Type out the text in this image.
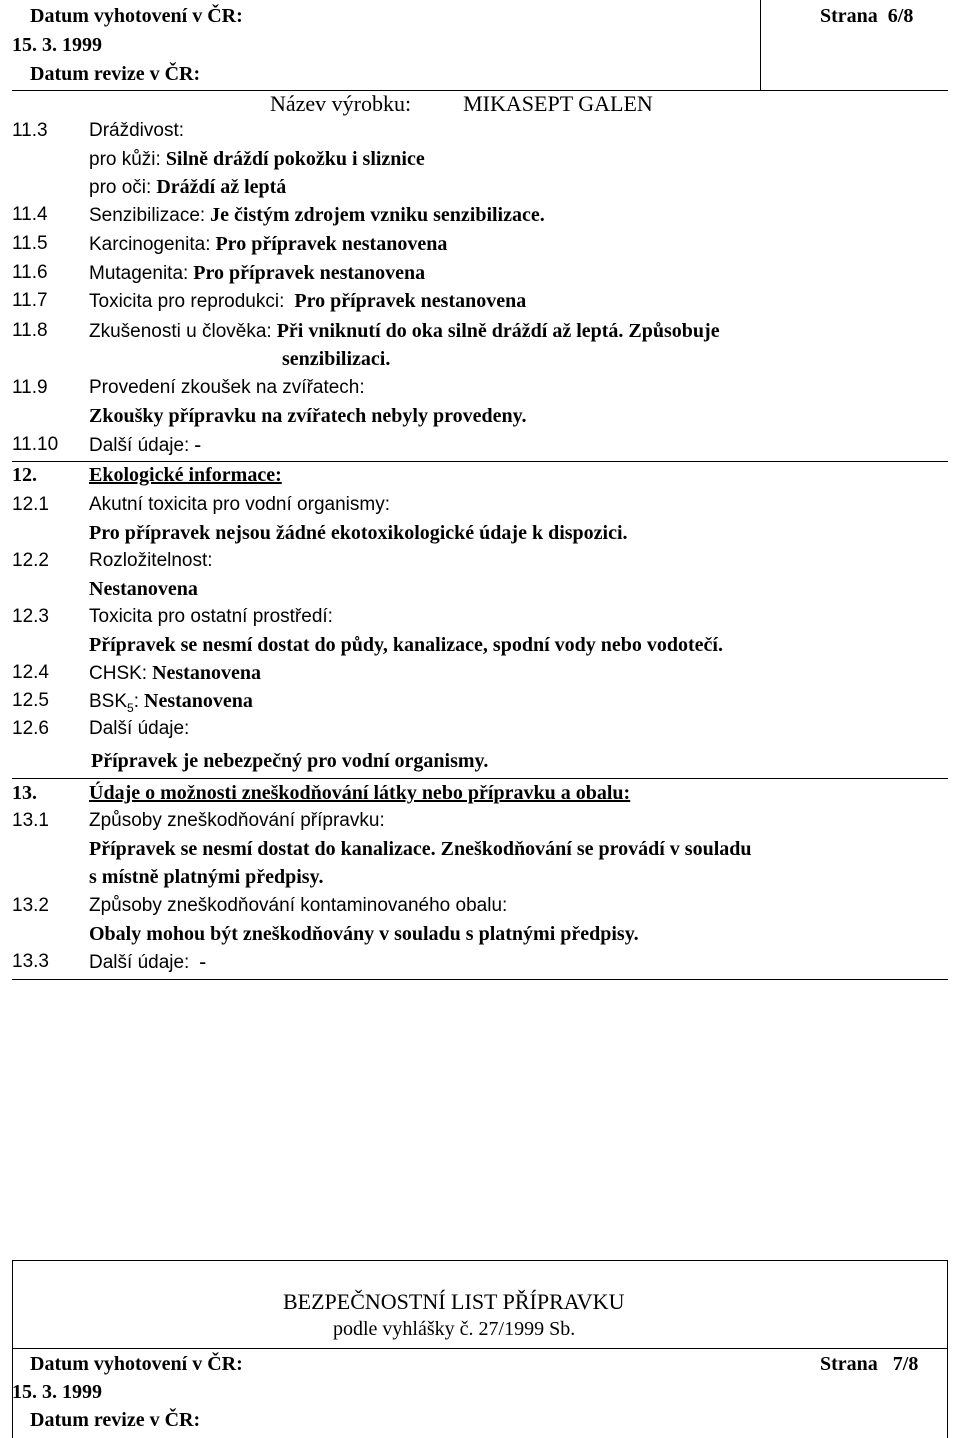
Datum vyhotovení v ČR:
15. 3. 1999
Datum revize v ČR:
Strana 6/8
Název výrobku: MIKASEPT GALEN
11.3 Dráždivost:
pro kůži: Silně dráždí pokožku i sliznice
pro oči: Dráždí až leptá
11.4 Senzibilizace: Je čistým zdrojem vzniku senzibilizace.
11.5 Karcinogenita: Pro přípravek nestanovena
11.6 Mutagenita: Pro přípravek nestanovena
11.7 Toxicita pro reprodukci: Pro přípravek nestanovena
11.8 Zkušenosti u člověka: Při vniknutí do oka silně dráždí až leptá. Způsobuje
senzibilizaci.
11.9 Provedení zkoušek na zvířatech:
Zkoušky přípravku na zvířatech nebyly provedeny.
11.10 Další údaje: -
12.	Ekologické informace:
12.1 Akutní toxicita pro vodní organismy:
Pro přípravek nejsou žádné ekotoxikologické údaje k dispozici.
12.2 Rozložitelnost:
Nestanovena
12.3 Toxicita pro ostatní prostředí:
Přípravek se nesmí dostat do půdy, kanalizace, spodní vody nebo vodotečí.
12.4 CHSK: Nestanovena
12.5 $BSK_5$: Nestanovena
12.6 Další údaje:
Přípravek je nebezpečný pro vodní organismy.
13.	Údaje o možnosti zneškodňování látky nebo přípravku a obalu:
13.1 Způsoby zneškodňování přípravku:
Přípravek se nesmí dostat do kanalizace. Zneškodňování se provádí v souladu
s místně platnými předpisy.
13.2 Způsoby zneškodňování kontaminovaného obalu:
Obaly mohou být zneškodňovány v souladu s platnými předpisy.
13.3 Další údaje: -
BEZPEČNOSTNÍ LIST PŘÍPRAVKU
podle vyhlášky č. 27/1999 Sb.
Datum vyhotovení v ČR:
15. 3. 1999
Datum revize v ČR:
Strana 7/8
